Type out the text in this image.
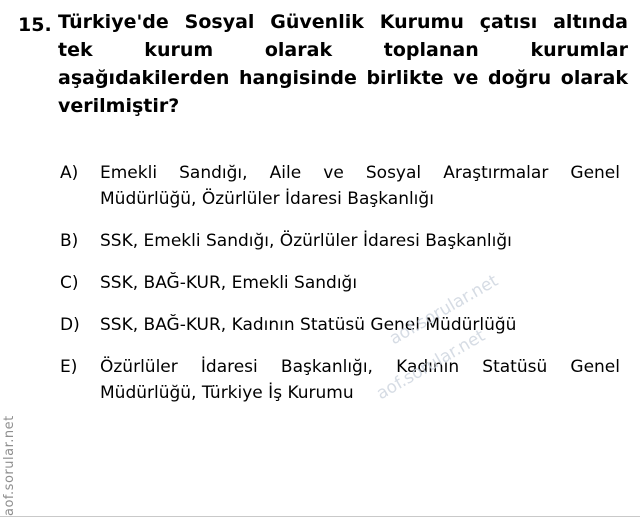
15. Türkiye'de Sosyal Güvenlik Kurumu çatısı altında tek kurum olarak toplanan kurumlar aşağıdakilerden hangisinde birlikte ve doğru olarak verilmiştir?
A)	Emekli Sandığı, Aile ve Sosyal Araştırmalar Genel Müdürlüğü, Özürlüler İdaresi Başkanlığı
B)	SSK, Emekli Sandığı, Özürlüler İdaresi Başkanlığı
C)	SSK, BAĞ-KUR, Emekli Sandığı
D)	SSK, BAĞ-KUR, Kadının Statüsü Genel Müdürlüğü
E)	Özürlüler İdaresi Başkanlığı, Kadının Statüsü Genel Müdürlüğü, Türkiye İş Kurumu
aof.sorular.net
aof.sorular.net
aof.sorular.net
